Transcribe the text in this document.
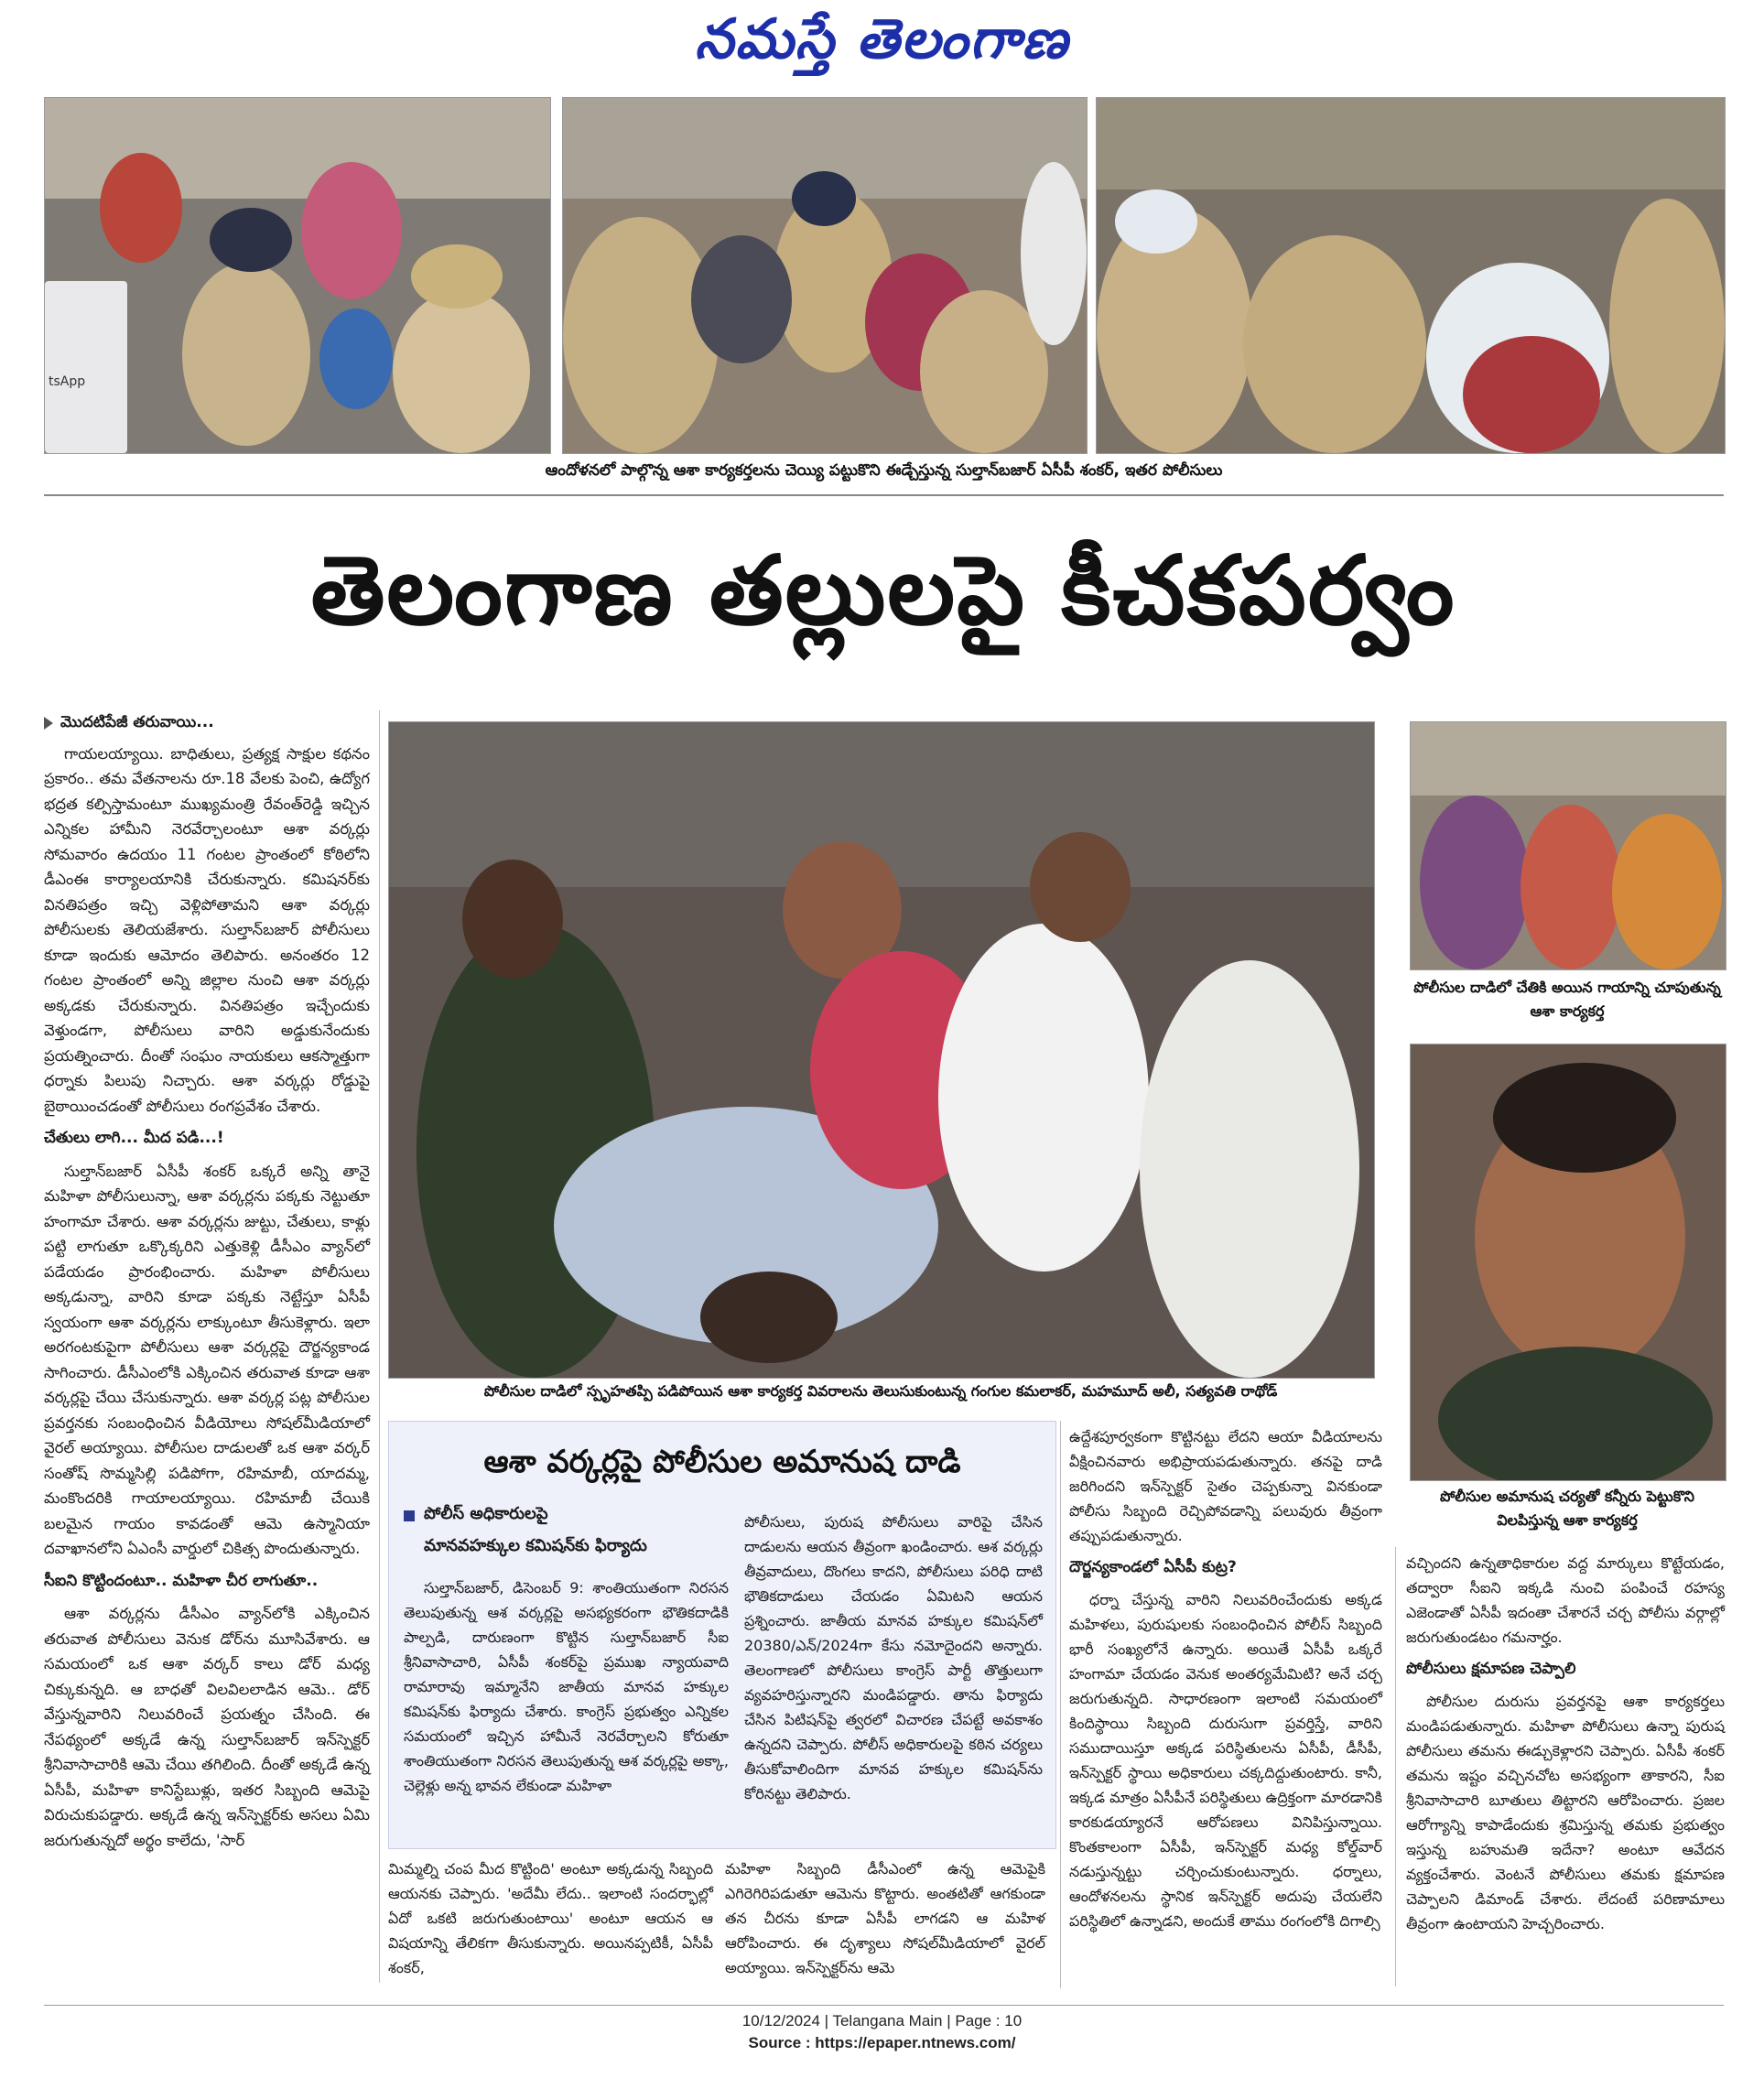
నమస్తే తెలంగాణ
tsApp
ఆందోళనలో పాల్గొన్న ఆశా కార్యకర్తలను చెయ్యి పట్టుకొని ఈడ్చేస్తున్న సుల్తాన్‌బజార్ ఏసీపీ శంకర్, ఇతర పోలీసులు
తెలంగాణ తల్లులపై కీచకపర్వం
మొదటిపేజీ తరువాయి...

గాయలయ్యాయి. బాధితులు, ప్రత్యక్ష సాక్షుల కథనం ప్రకారం.. తమ వేతనాలను రూ.18 వేలకు పెంచి, ఉద్యోగ భద్రత కల్పిస్తామంటూ ముఖ్యమంత్రి రేవంత్‌రెడ్డి ఇచ్చిన ఎన్నికల హామీని నెరవేర్చాలంటూ ఆశా వర్కర్లు సోమవారం ఉదయం 11 గంటల ప్రాంతంలో కోఠిలోని డీఎంఈ కార్యాలయానికి చేరుకున్నారు. కమిషనర్‌కు వినతిపత్రం ఇచ్చి వెళ్లిపోతామని ఆశా వర్కర్లు పోలీసులకు తెలియజేశారు. సుల్తాన్‌బజార్ పోలీసులు కూడా ఇందుకు ఆమోదం తెలిపారు. అనంతరం 12 గంటల ప్రాంతంలో అన్ని జిల్లాల నుంచి ఆశా వర్కర్లు అక్కడకు చేరుకున్నారు. వినతిపత్రం ఇచ్చేందుకు వెళ్తుండగా, పోలీసులు వారిని అడ్డుకునేందుకు ప్రయత్నించారు. దీంతో సంఘం నాయకులు ఆకస్మాత్తుగా ధర్నాకు పిలుపు నిచ్చారు. ఆశా వర్కర్లు రోడ్డుపై బైఠాయించడంతో పోలీసులు రంగప్రవేశం చేశారు.

చేతులు లాగి... మీద పడి...!

సుల్తాన్‌బజార్ ఏసీపీ శంకర్ ఒక్కరే అన్ని తానై మహిళా పోలీసులున్నా, ఆశా వర్కర్లను పక్కకు నెట్టుతూ హంగామా చేశారు. ఆశా వర్కర్లను జుట్టు, చేతులు, కాళ్లు పట్టి లాగుతూ ఒక్కొక్కరిని ఎత్తుకెళ్లి డీసీఎం వ్యాన్‌లో పడేయడం ప్రారంభించారు. మహిళా పోలీసులు అక్కడున్నా, వారిని కూడా పక్కకు నెట్టేస్తూ ఏసీపీ స్వయంగా ఆశా వర్కర్లను లాక్కుంటూ తీసుకెళ్లారు. ఇలా అరగంటకుపైగా పోలీసులు ఆశా వర్కర్లపై దౌర్జన్యకాండ సాగించారు. డీసీఎంలోకి ఎక్కించిన తరువాత కూడా ఆశా వర్కర్లపై చేయి చేసుకున్నారు. ఆశా వర్కర్ల పట్ల పోలీసుల ప్రవర్తనకు సంబంధించిన వీడియోలు సోషల్‌మీడియాలో వైరల్ అయ్యాయి. పోలీసుల దాడులతో ఒక ఆశా వర్కర్ సంతోష్ సొమ్మసిల్లి పడిపోగా, రహిమాబీ, యాదమ్మ, మంకొందరికి గాయాలయ్యాయి. రహిమాబీ చేయికి బలమైన గాయం కావడంతో ఆమె ఉస్మానియా దవాఖానలోని ఏఎంసీ వార్డులో చికిత్స పొందుతున్నారు.

సీఐని కొట్టిందంటూ.. మహిళా చీర లాగుతూ..

ఆశా వర్కర్లను డీసీఎం వ్యాన్‌లోకి ఎక్కించిన తరువాత పోలీసులు వెనుక డోర్‌ను మూసివేశారు. ఆ సమయంలో ఒక ఆశా వర్కర్ కాలు డోర్ మధ్య చిక్కుకున్నది. ఆ బాధతో విలవిలలాడిన ఆమె.. డోర్ వేస్తున్నవారిని నిలువరించే ప్రయత్నం చేసింది. ఈ నేపథ్యంలో అక్కడే ఉన్న సుల్తాన్‌బజార్ ఇన్‌స్పెక్టర్ శ్రీనివాసాచారికి ఆమె చేయి తగిలింది. దీంతో అక్కడే ఉన్న ఏసీపీ, మహిళా కానిస్టేబుళ్లు, ఇతర సిబ్బంది ఆమెపై విరుచుకుపడ్డారు. అక్కడే ఉన్న ఇన్‌స్పెక్టర్‌కు అసలు ఏమి జరుగుతున్నదో అర్థం కాలేదు, 'సార్

పోలీసుల దాడిలో స్పృహతప్పి పడిపోయిన ఆశా కార్యకర్త వివరాలను తెలుసుకుంటున్న గంగుల కమలాకర్, మహమూద్ అలీ, సత్యవతి రాథోడ్
పోలీసుల దాడిలో చేతికి అయిన గాయాన్ని చూపుతున్న ఆశా కార్యకర్త
పోలీసుల అమానుష చర్యతో కన్నీరు పెట్టుకొని విలపిస్తున్న ఆశా కార్యకర్త
ఆశా వర్కర్లపై పోలీసుల అమానుష దాడి
పోలీస్ అధికారులపై
మానవహక్కుల కమిషన్‌కు ఫిర్యాదు

సుల్తాన్‌బజార్, డిసెంబర్ 9: శాంతియుతంగా నిరసన తెలుపుతున్న ఆశ వర్కర్లపై అసభ్యకరంగా భౌతికదాడికి పాల్పడి, దారుణంగా కొట్టిన సుల్తాన్‌బజార్ సీఐ శ్రీనివాసాచారి, ఏసీపీ శంకర్‌పై ప్రముఖ న్యాయవాది రామారావు ఇమ్మానేని జాతీయ మానవ హక్కుల కమిషన్‌కు ఫిర్యాదు చేశారు. కాంగ్రెస్ ప్రభుత్వం ఎన్నికల సమయంలో ఇచ్చిన హామీనే నెరవేర్చాలని కోరుతూ శాంతియుతంగా నిరసన తెలుపుతున్న ఆశ వర్కర్లపై అక్కా, చెల్లెళ్లు అన్న భావన లేకుండా మహిళా

పోలీసులు, పురుష పోలీసులు వారిపై చేసిన దాడులను ఆయన తీవ్రంగా ఖండించారు. ఆశ వర్కర్లు తీవ్రవాదులు, దొంగలు కాదని, పోలీసులు పరిధి దాటి భౌతికదాడులు చేయడం ఏమిటని ఆయన ప్రశ్నించారు. జాతీయ మానవ హక్కుల కమిషన్‌లో 20380/ఎన్/2024గా కేసు నమోదైందని అన్నారు. తెలంగాణలో పోలీసులు కాంగ్రెస్ పార్టీ తొత్తులుగా వ్యవహరిస్తున్నారని మండిపడ్డారు. తాను ఫిర్యాదు చేసిన పిటిషన్‌పై త్వరలో విచారణ చేపట్టే అవకాశం ఉన్నదని చెప్పారు. పోలీస్ అధికారులపై కఠిన చర్యలు తీసుకోవాలిందిగా మానవ హక్కుల కమిషన్‌ను కోరినట్టు తెలిపారు.

మిమ్మల్ని చంప మీద కొట్టింది' అంటూ అక్కడున్న సిబ్బంది ఆయనకు చెప్పారు. 'అదేమీ లేదు.. ఇలాంటి సందర్భాల్లో ఏదో ఒకటి జరుగుతుంటాయి' అంటూ ఆయన ఆ విషయాన్ని తేలికగా తీసుకున్నారు. అయినప్పటికీ, ఏసీపీ శంకర్,

మహిళా సిబ్బంది డీసీఎంలో ఉన్న ఆమెపైకి ఎగిరెగిరిపడుతూ ఆమెను కొట్టారు. అంతటితో ఆగకుండా తన చీరను కూడా ఏసీపీ లాగడని ఆ మహిళ ఆరోపించారు. ఈ దృశ్యాలు సోషల్‌మీడియాలో వైరల్ అయ్యాయి. ఇన్‌స్పెక్టర్‌ను ఆమె

ఉద్దేశపూర్వకంగా కొట్టినట్టు లేదని ఆయా వీడియాలను వీక్షించినవారు అభిప్రాయపడుతున్నారు. తనపై దాడి జరిగిందని ఇన్‌స్పెక్టర్ సైతం చెప్పకున్నా వినకుండా పోలీసు సిబ్బంది రెచ్చిపోవడాన్ని పలువురు తీవ్రంగా తప్పుపడుతున్నారు.

దౌర్జన్యకాండలో ఏసీపీ కుట్ర?

ధర్నా చేస్తున్న వారిని నిలువరించేందుకు అక్కడ మహిళలు, పురుషులకు సంబంధించిన పోలీస్ సిబ్బంది భారీ సంఖ్యలోనే ఉన్నారు. అయితే ఏసీపీ ఒక్కరే హంగామా చేయడం వెనుక అంతర్యమేమిటి? అనే చర్చ జరుగుతున్నది. సాధారణంగా ఇలాంటి సమయంలో కిందిస్థాయి సిబ్బంది దురుసుగా ప్రవర్తిస్తే, వారిని సముదాయిస్తూ అక్కడ పరిస్థితులను ఏసీపీ, డీసీపీ, ఇన్‌స్పెక్టర్ స్థాయి అధికారులు చక్కదిద్దుతుంటారు. కానీ, ఇక్కడ మాత్రం ఏసీపీనే పరిస్థితులు ఉద్రిక్తంగా మారడానికి కారకుడయ్యారనే ఆరోపణలు వినిపిస్తున్నాయి. కొంతకాలంగా ఏసీపీ, ఇన్‌స్పెక్టర్ మధ్య కోల్డ్‌వార్ నడుస్తున్నట్టు చర్చించుకుంటున్నారు. ధర్నాలు, ఆందోళనలను స్థానిక ఇన్‌స్పెక్టర్ అదుపు చేయలేని పరిస్థితిలో ఉన్నాడని, అందుకే తాము రంగంలోకి దిగాల్సి

వచ్చిందని ఉన్నతాధికారుల వద్ద మార్కులు కొట్టేయడం, తద్వారా సీఐని ఇక్కడి నుంచి పంపించే రహస్య ఎజెండాతో ఏసీపీ ఇదంతా చేశారనే చర్చ పోలీసు వర్గాల్లో జరుగుతుండటం గమనార్హం.

పోలీసులు క్షమాపణ చెప్పాలి

పోలీసుల దురుసు ప్రవర్తనపై ఆశా కార్యకర్తలు మండిపడుతున్నారు. మహిళా పోలీసులు ఉన్నా పురుష పోలీసులు తమను ఈడ్చుకెళ్లారని చెప్పారు. ఏసీపీ శంకర్ తమను ఇష్టం వచ్చినచోట అసభ్యంగా తాకారని, సీఐ శ్రీనివాసాచారి బూతులు తిట్టారని ఆరోపించారు. ప్రజల ఆరోగ్యాన్ని కాపాడేందుకు శ్రమిస్తున్న తమకు ప్రభుత్వం ఇస్తున్న బహుమతి ఇదేనా? అంటూ ఆవేదన వ్యక్తంచేశారు. వెంటనే పోలీసులు తమకు క్షమాపణ చెప్పాలని డిమాండ్ చేశారు. లేదంటే పరిణామాలు తీవ్రంగా ఉంటాయని హెచ్చరించారు.

10/12/2024 | Telangana Main | Page : 10
Source : https://epaper.ntnews.com/
